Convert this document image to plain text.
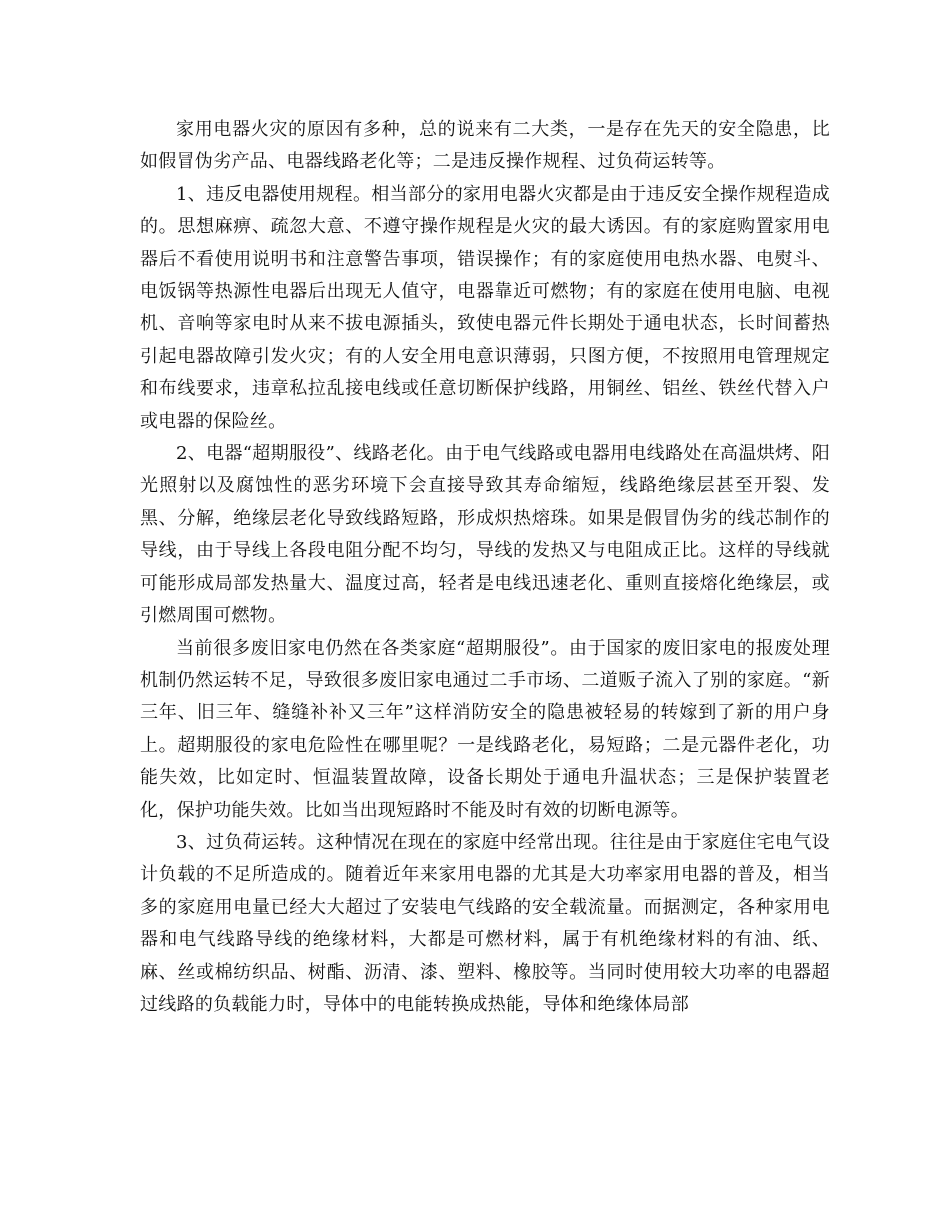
家用电器火灾的原因有多种，总的说来有二大类，一是存在先天的安全隐患，比如假冒伪劣产品、电器线路老化等；二是违反操作规程、过负荷运转等。

1、违反电器使用规程。相当部分的家用电器火灾都是由于违反安全操作规程造成的。思想麻痹、疏忽大意、不遵守操作规程是火灾的最大诱因。有的家庭购置家用电器后不看使用说明书和注意警告事项，错误操作；有的家庭使用电热水器、电熨斗、电饭锅等热源性电器后出现无人值守，电器靠近可燃物；有的家庭在使用电脑、电视机、音响等家电时从来不拔电源插头，致使电器元件长期处于通电状态，长时间蓄热引起电器故障引发火灾；有的人安全用电意识薄弱，只图方便，不按照用电管理规定和布线要求，违章私拉乱接电线或任意切断保护线路，用铜丝、铝丝、铁丝代替入户或电器的保险丝。

2、电器“超期服役”、线路老化。由于电气线路或电器用电线路处在高温烘烤、阳光照射以及腐蚀性的恶劣环境下会直接导致其寿命缩短，线路绝缘层甚至开裂、发黑、分解，绝缘层老化导致线路短路，形成炽热熔珠。如果是假冒伪劣的线芯制作的导线，由于导线上各段电阻分配不均匀，导线的发热又与电阻成正比。这样的导线就可能形成局部发热量大、温度过高，轻者是电线迅速老化、重则直接熔化绝缘层，或引燃周围可燃物。

当前很多废旧家电仍然在各类家庭“超期服役”。由于国家的废旧家电的报废处理机制仍然运转不足，导致很多废旧家电通过二手市场、二道贩子流入了别的家庭。“新三年、旧三年、缝缝补补又三年”这样消防安全的隐患被轻易的转嫁到了新的用户身上。超期服役的家电危险性在哪里呢？一是线路老化，易短路；二是元器件老化，功能失效，比如定时、恒温装置故障，设备长期处于通电升温状态；三是保护装置老化，保护功能失效。比如当出现短路时不能及时有效的切断电源等。

3、过负荷运转。这种情况在现在的家庭中经常出现。往往是由于家庭住宅电气设计负载的不足所造成的。随着近年来家用电器的尤其是大功率家用电器的普及，相当多的家庭用电量已经大大超过了安装电气线路的安全载流量。而据测定，各种家用电器和电气线路导线的绝缘材料，大都是可燃材料，属于有机绝缘材料的有油、纸、麻、丝或棉纺织品、树酯、沥清、漆、塑料、橡胶等。当同时使用较大功率的电器超过线路的负载能力时，导体中的电能转换成热能，导体和绝缘体局部
